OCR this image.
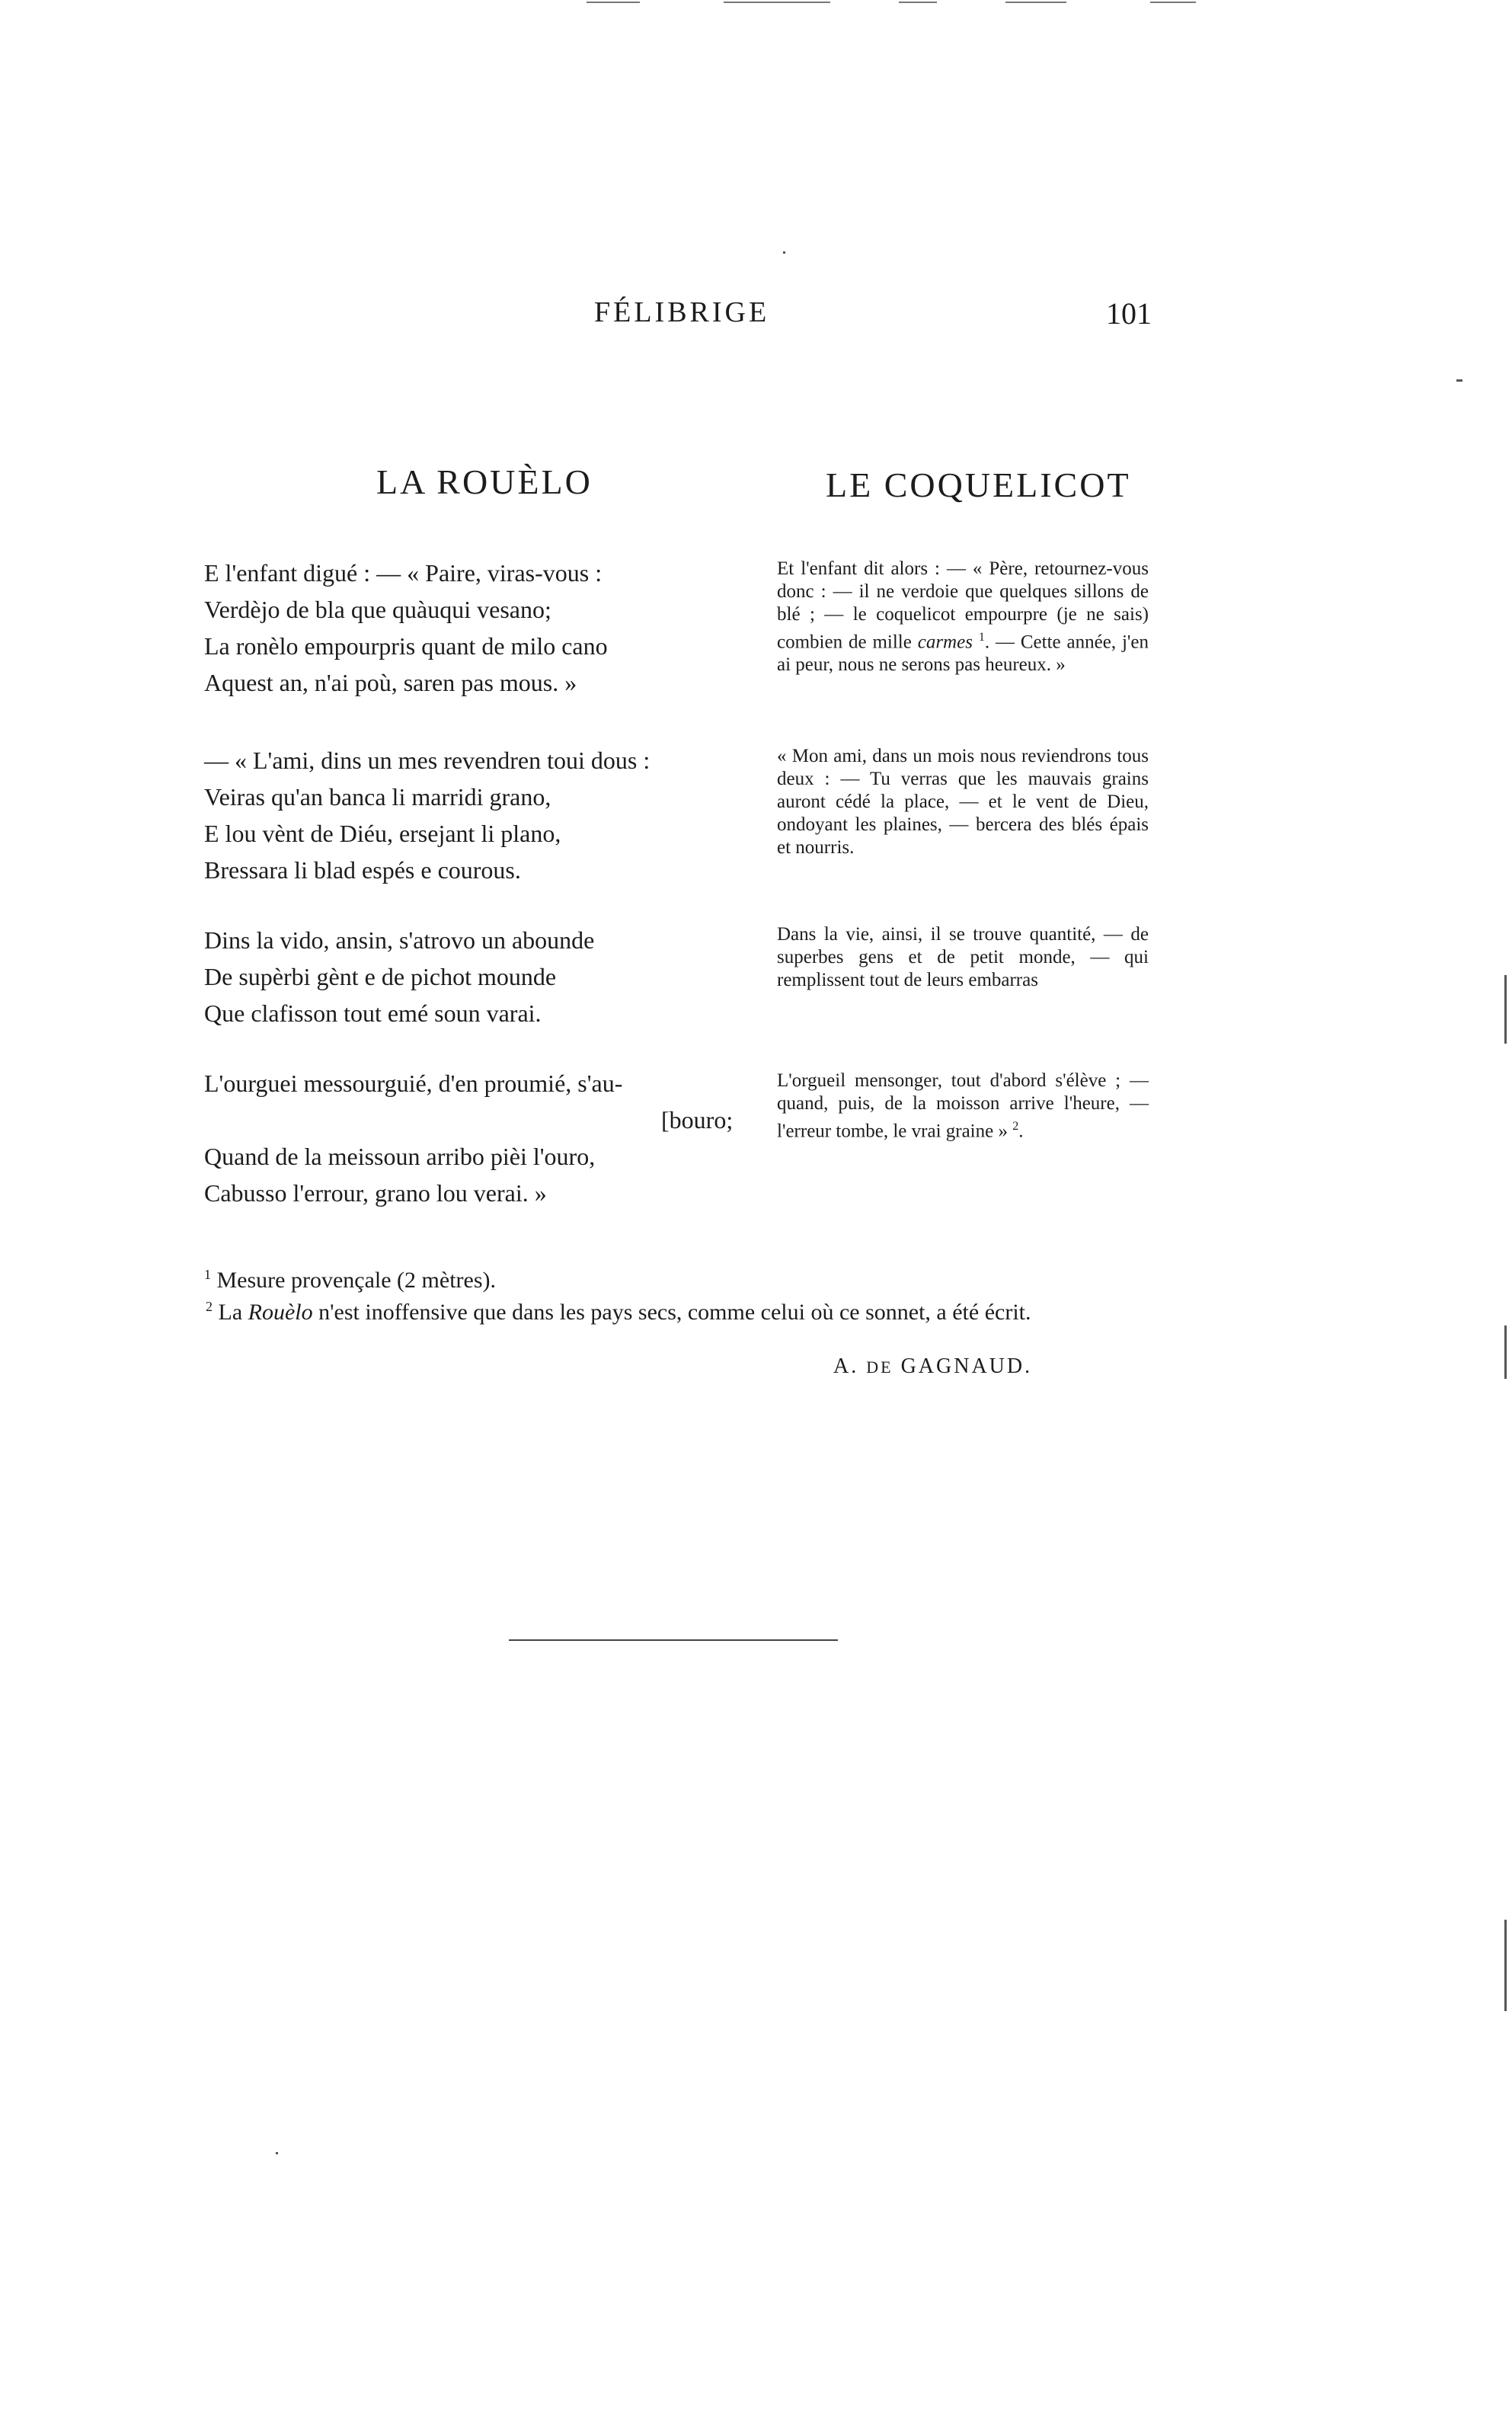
FÉLIBRIGE	101
LA ROUÈLO	LE COQUELICOT
E l'enfant digué : — « Paire, viras-vous :
Verdèjo de bla que quàuqui vesano;
La ronèlo empourpris quant de milo cano
Aquest an, n'ai poù, saren pas mous. »
— « L'ami, dins un mes revendren toui dous :
Veiras qu'an banca li marridi grano,
E lou vènt de Diéu, ersejant li plano,
Bressara li blad espés e courous.
Dins la vido, ansin, s'atrovo un abounde
De supèrbi gènt e de pichot mounde
Que clafisson tout emé soun varai.
L'ourguei messourguié, d'en proumié, s'au-
[bouro;
Quand de la meissoun arribo pièi l'ouro,
Cabusso l'errour, grano lou verai. »
Et l'enfant dit alors : — « Père, retournez-vous donc : — il ne verdoie que quelques sillons de blé ; — le coquelicot empourpre (je ne sais) combien de mille carmes $^1$. — Cette année, j'en ai peur, nous ne serons pas heureux. »
« Mon ami, dans un mois nous reviendrons tous deux : — Tu verras que les mauvais grains auront cédé la place, — et le vent de Dieu, ondoyant les plaines, — bercera des blés épais et nourris.
Dans la vie, ainsi, il se trouve quantité, — de superbes gens et de petit monde, — qui remplissent tout de leurs embarras
L'orgueil mensonger, tout d'abord s'élève ; — quand, puis, de la moisson arrive l'heure, — l'erreur tombe, le vrai graine » $^2$.
$^1$ Mesure provençale (2 mètres).
$^2$ La Rouèlo n'est inoffensive que dans les pays secs, comme celui où ce sonnet, a été écrit.
A. DE GAGNAUD.
